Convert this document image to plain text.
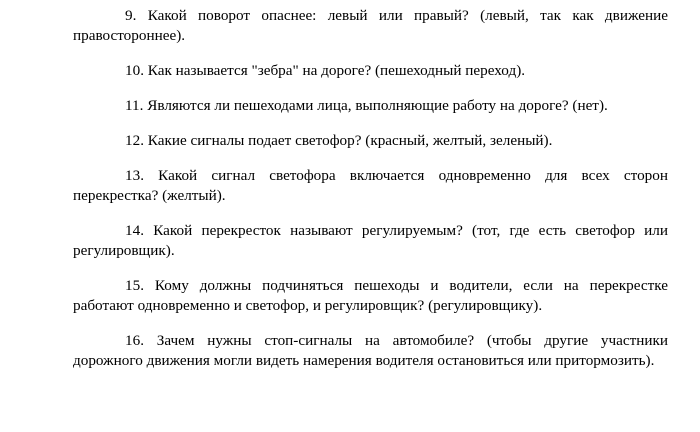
9. Какой поворот опаснее: левый или правый? (левый, так как движение правостороннее).

10. Как называется "зебра" на дороге? (пешеходный переход).

11. Являются ли пешеходами лица, выполняющие работу на дороге? (нет).

12. Какие сигналы подает светофор? (красный, желтый, зеленый).

13. Какой сигнал светофора включается одновременно для всех сторон перекрестка? (желтый).

14. Какой перекресток называют регулируемым? (тот, где есть светофор или регулировщик).

15. Кому должны подчиняться пешеходы и водители, если на перекрестке работают одновременно и светофор, и регулировщик? (регулировщику).

16. Зачем нужны стоп-сигналы на автомобиле? (чтобы другие участники дорожного движения могли видеть намерения водителя остановиться или притормозить).
